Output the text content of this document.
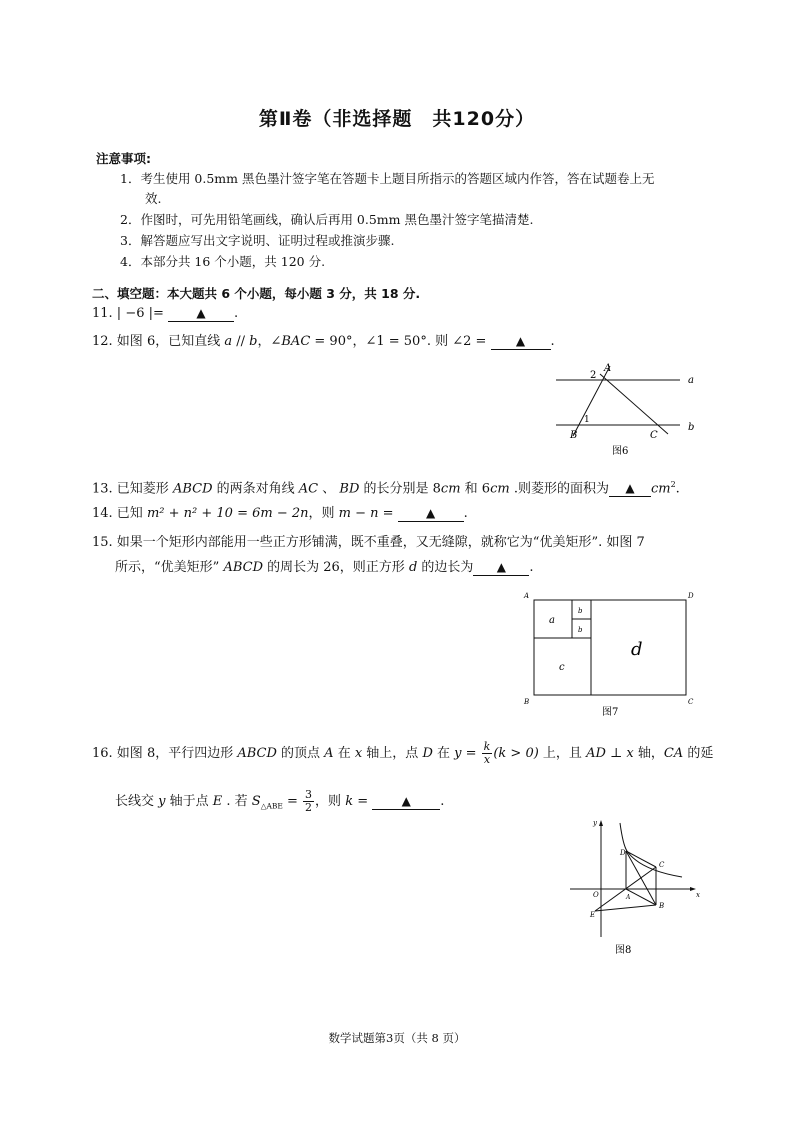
第Ⅱ卷（非选择题　共120分）
注意事项:
1．考生使用 0.5mm 黑色墨汁签字笔在答题卡上题目所指示的答题区域内作答，答在试题卷上无
效.
2．作图时，可先用铅笔画线，确认后再用 0.5mm 黑色墨汁签字笔描清楚.
3．解答题应写出文字说明、证明过程或推演步骤.
4．本部分共 16 个小题，共 120 分.
二、填空题：本大题共 6 个小题，每小题 3 分，共 18 分.
11. | −6 |= ▲ .
12. 如图 6，已知直线 a // b，∠BAC = 90°，∠1 = 50°. 则 ∠2 = ▲ .
A
B	C
a
b
2
1
图6
13. 已知菱形 ABCD 的两条对角线 AC 、 BD 的长分别是 8cm 和 6cm .则菱形的面积为 ▲ $cm^2$.
14. 已知 m² + n² + 10 = 6m − 2n，则 m − n = ▲ .
15. 如果一个矩形内部能用一些正方形铺满，既不重叠，又无缝隙，就称它为“优美矩形”. 如图 7
所示，“优美矩形” ABCD 的周长为 26，则正方形 d 的边长为 ▲ .
A	D
B	C
a
b
b
c
d
图7
16. 如图 8，平行四边形 ABCD 的顶点 A 在 x 轴上，点 D 在 $y = \frac{k}{x} (k > 0)$ 上，且 AD ⊥ x 轴，CA 的延
长线交 y 轴于点 E . 若 $S_{\triangle ABE} = \frac{3}{2}$ ，则 k = ▲ .
y
x
O	A
B
C
D
E
图8
数学试题第3页（共 8 页）
